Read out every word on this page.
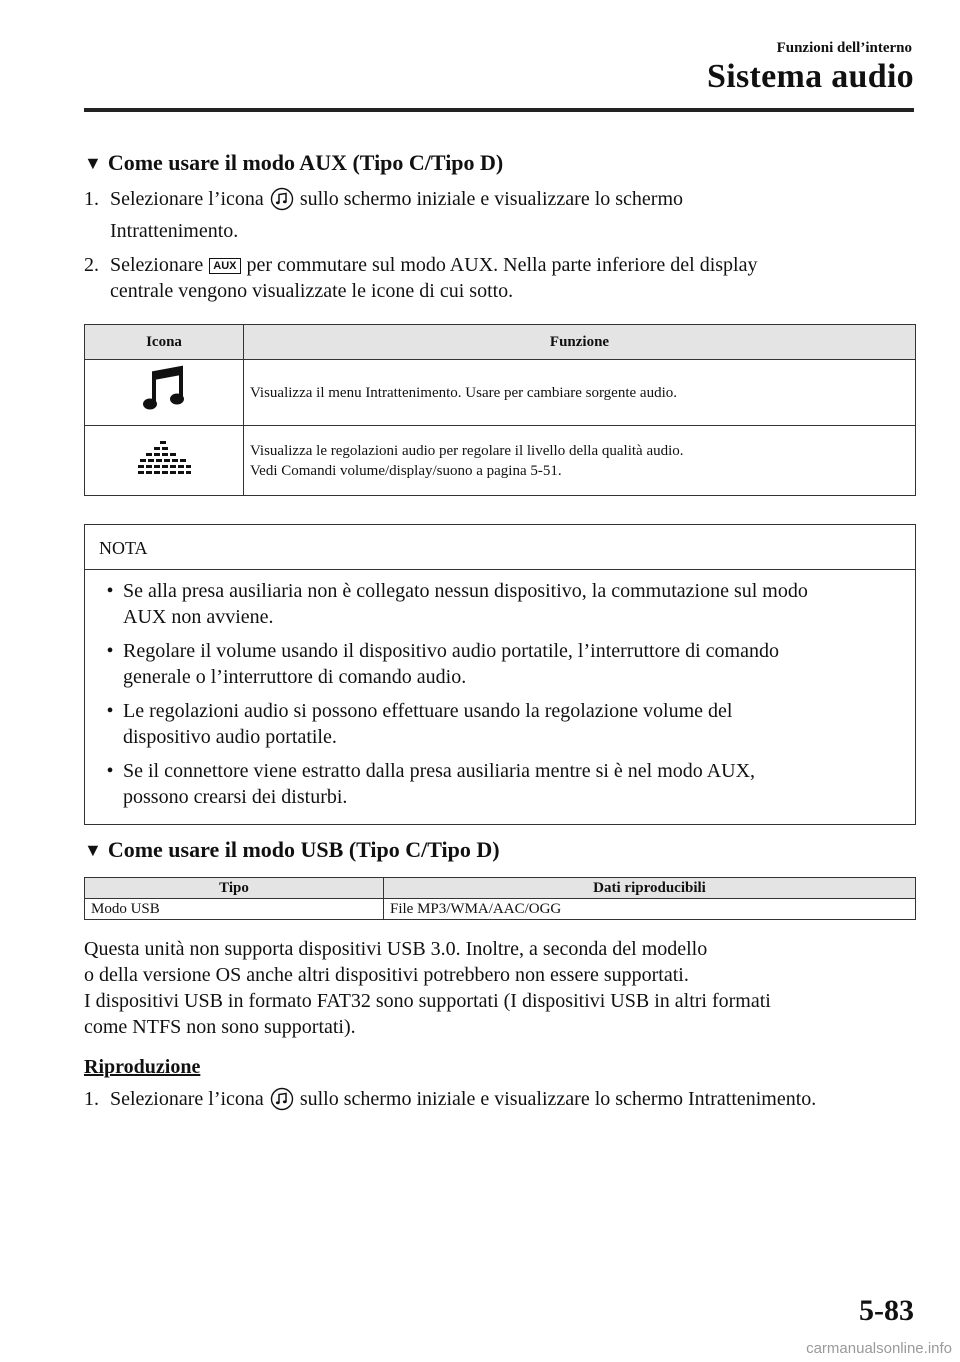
Funzioni dell’interno
Sistema audio
▼ Come usare il modo AUX (Tipo C/Tipo D)
1. Selezionare l’icona sullo schermo iniziale e visualizzare lo schermo
Intrattenimento.
2. Selezionare AUX per commutare sul modo AUX. Nella parte inferiore del display
centrale vengono visualizzate le icone di cui sotto.
Icona	Funzione
	Visualizza il menu Intrattenimento. Usare per cambiare sorgente audio.
	Visualizza le regolazioni audio per regolare il livello della qualità audio.
Vedi Comandi volume/display/suono a pagina 5-51.
NOTA
• Se alla presa ausiliaria non è collegato nessun dispositivo, la commutazione sul modo
AUX non avviene.
• Regolare il volume usando il dispositivo audio portatile, l’interruttore di comando
generale o l’interruttore di comando audio.
• Le regolazioni audio si possono effettuare usando la regolazione volume del
dispositivo audio portatile.
• Se il connettore viene estratto dalla presa ausiliaria mentre si è nel modo AUX,
possono crearsi dei disturbi.
▼ Come usare il modo USB (Tipo C/Tipo D)
Tipo	Dati riproducibili
Modo USB	File MP3/WMA/AAC/OGG
Questa unità non supporta dispositivi USB 3.0. Inoltre, a seconda del modello
o della versione OS anche altri dispositivi potrebbero non essere supportati.
I dispositivi USB in formato FAT32 sono supportati (I dispositivi USB in altri formati
come NTFS non sono supportati).
Riproduzione
1. Selezionare l’icona sullo schermo iniziale e visualizzare lo schermo Intrattenimento.
5-83
carmanualsonline.info
